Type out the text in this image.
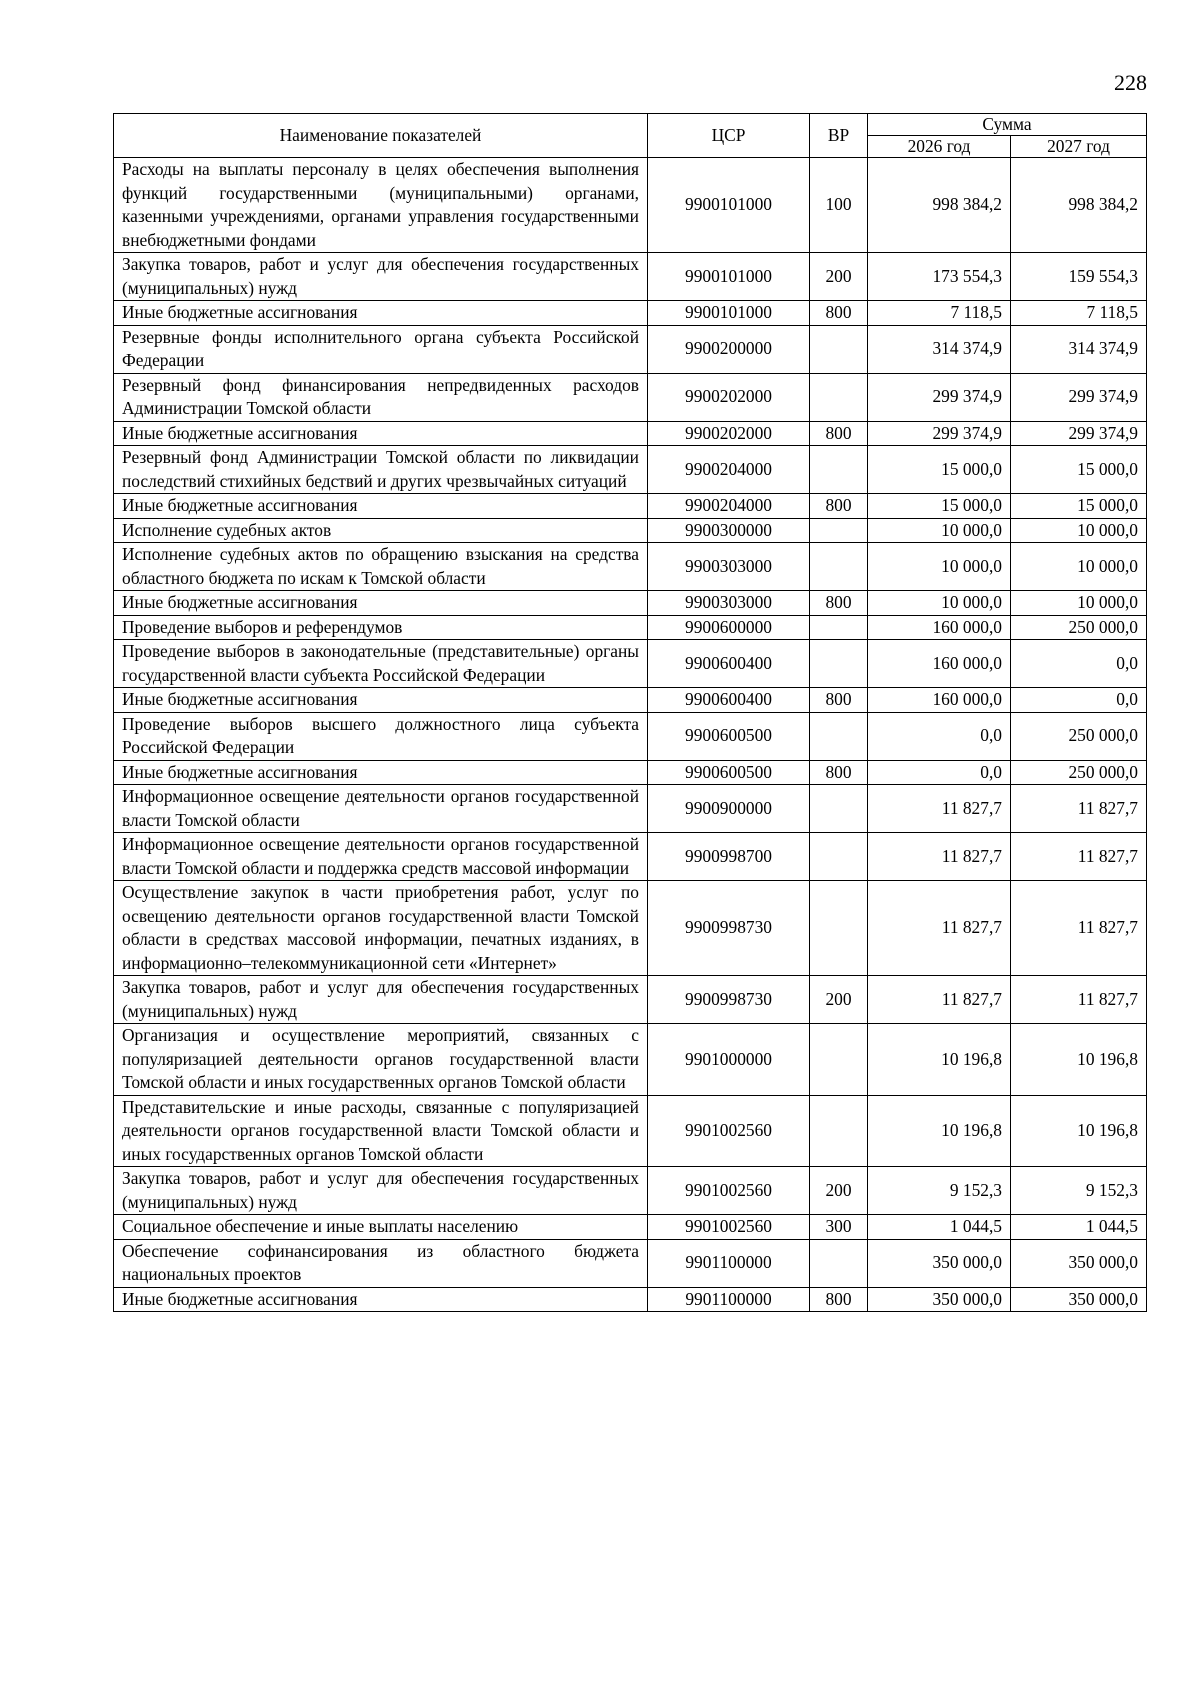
228
Наименование показателей	ЦСР	ВР	Сумма	
			2026 год	2027 год
Расходы на выплаты персоналу в целях обеспечения выполнения функций государственными (муниципальными) органами, казенными учреждениями, органами управления государственными внебюджетными фондами	9900101000	100	998 384,2	998 384,2
Закупка товаров, работ и услуг для обеспечения государственных (муниципальных) нужд	9900101000	200	173 554,3	159 554,3
Иные бюджетные ассигнования	9900101000	800	7 118,5	7 118,5
Резервные фонды исполнительного органа субъекта Российской Федерации	9900200000		314 374,9	314 374,9
Резервный фонд финансирования непредвиденных расходов Администрации Томской области	9900202000		299 374,9	299 374,9
Иные бюджетные ассигнования	9900202000	800	299 374,9	299 374,9
Резервный фонд Администрации Томской области по ликвидации последствий стихийных бедствий и других чрезвычайных ситуаций	9900204000		15 000,0	15 000,0
Иные бюджетные ассигнования	9900204000	800	15 000,0	15 000,0
Исполнение судебных актов	9900300000		10 000,0	10 000,0
Исполнение судебных актов по обращению взыскания на средства областного бюджета по искам к Томской области	9900303000		10 000,0	10 000,0
Иные бюджетные ассигнования	9900303000	800	10 000,0	10 000,0
Проведение выборов и референдумов	9900600000		160 000,0	250 000,0
Проведение выборов в законодательные (представительные) органы государственной власти субъекта Российской Федерации	9900600400		160 000,0	0,0
Иные бюджетные ассигнования	9900600400	800	160 000,0	0,0
Проведение выборов высшего должностного лица субъекта Российской Федерации	9900600500		0,0	250 000,0
Иные бюджетные ассигнования	9900600500	800	0,0	250 000,0
Информационное освещение деятельности органов государственной власти Томской области	9900900000		11 827,7	11 827,7
Информационное освещение деятельности органов государственной власти Томской области и поддержка средств массовой информации	9900998700		11 827,7	11 827,7
Осуществление закупок в части приобретения работ, услуг по освещению деятельности органов государственной власти Томской области в средствах массовой информации, печатных изданиях, в информационно–телекоммуникационной сети «Интернет»	9900998730		11 827,7	11 827,7
Закупка товаров, работ и услуг для обеспечения государственных (муниципальных) нужд	9900998730	200	11 827,7	11 827,7
Организация и осуществление мероприятий, связанных с популяризацией деятельности органов государственной власти Томской области и иных государственных органов Томской области	9901000000		10 196,8	10 196,8
Представительские и иные расходы, связанные с популяризацией деятельности органов государственной власти Томской области и иных государственных органов Томской области	9901002560		10 196,8	10 196,8
Закупка товаров, работ и услуг для обеспечения государственных (муниципальных) нужд	9901002560	200	9 152,3	9 152,3
Социальное обеспечение и иные выплаты населению	9901002560	300	1 044,5	1 044,5
Обеспечение софинансирования из областного бюджета национальных проектов	9901100000		350 000,0	350 000,0
Иные бюджетные ассигнования	9901100000	800	350 000,0	350 000,0
